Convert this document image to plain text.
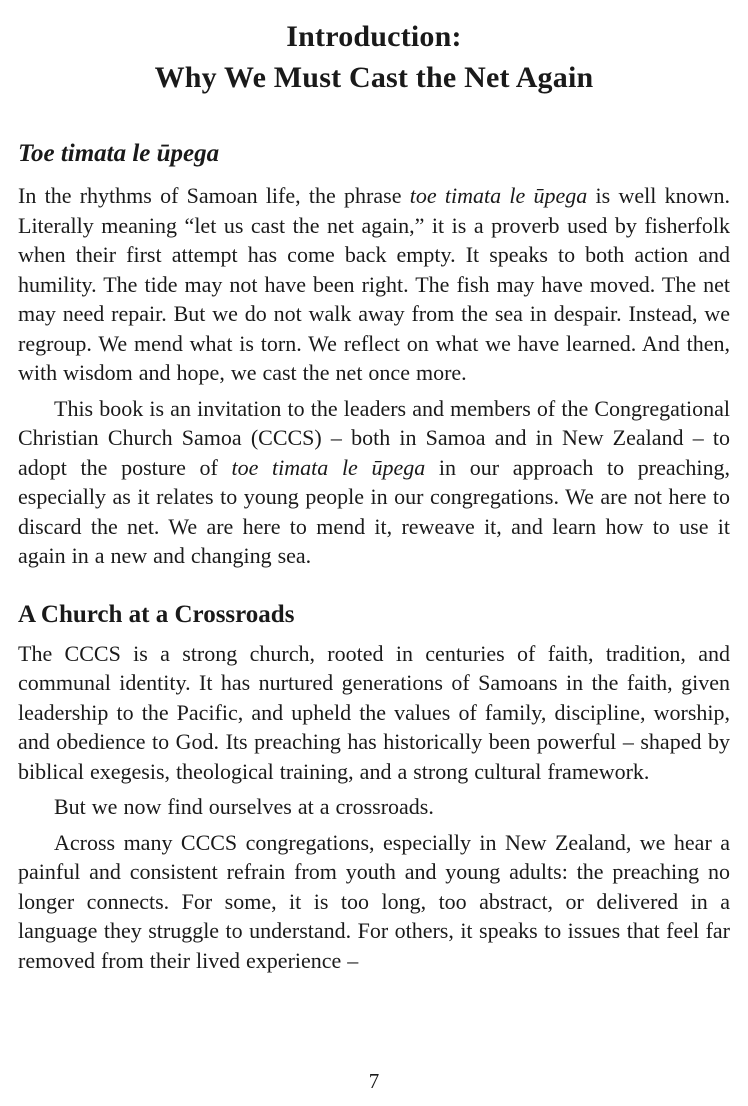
Introduction:
Why We Must Cast the Net Again
Toe timata le ūpega

In the rhythms of Samoan life, the phrase toe timata le ūpega is well known. Literally meaning “let us cast the net again,” it is a proverb used by fisherfolk when their first attempt has come back empty. It speaks to both action and humility. The tide may not have been right. The fish may have moved. The net may need repair. But we do not walk away from the sea in despair. Instead, we regroup. We mend what is torn. We reflect on what we have learned. And then, with wisdom and hope, we cast the net once more.

This book is an invitation to the leaders and members of the Congregational Christian Church Samoa (CCCS) – both in Samoa and in New Zealand – to adopt the posture of toe timata le ūpega in our approach to preaching, especially as it relates to young people in our congregations. We are not here to discard the net. We are here to mend it, reweave it, and learn how to use it again in a new and changing sea.

A Church at a Crossroads

The CCCS is a strong church, rooted in centuries of faith, tradition, and communal identity. It has nurtured generations of Samoans in the faith, given leadership to the Pacific, and upheld the values of family, discipline, worship, and obedience to God. Its preaching has historically been powerful – shaped by biblical exegesis, theological training, and a strong cultural framework.

But we now find ourselves at a crossroads.

Across many CCCS congregations, especially in New Zealand, we hear a painful and consistent refrain from youth and young adults: the preaching no longer connects. For some, it is too long, too abstract, or delivered in a language they struggle to understand. For others, it speaks to issues that feel far removed from their lived experience –

7
